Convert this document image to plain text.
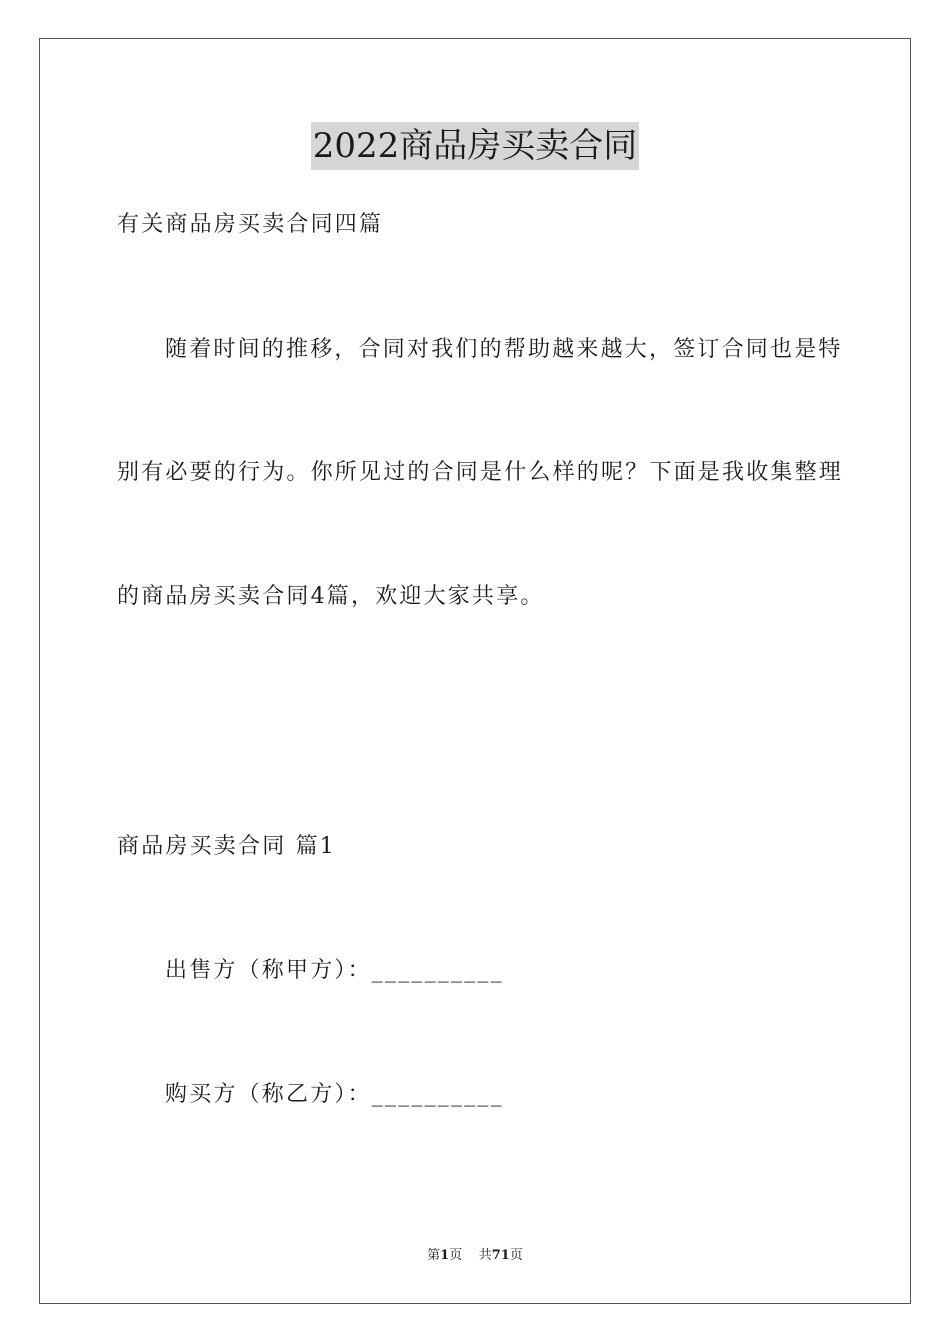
2022商品房买卖合同
有关商品房买卖合同四篇
随着时间的推移，合同对我们的帮助越来越大，签订合同也是特
别有必要的行为。你所见过的合同是什么样的呢？下面是我收集整理
的商品房买卖合同4篇，欢迎大家共享。
商品房买卖合同 篇1
出售方（称甲方）：__________
购买方（称乙方）：__________
第1页 共71页
